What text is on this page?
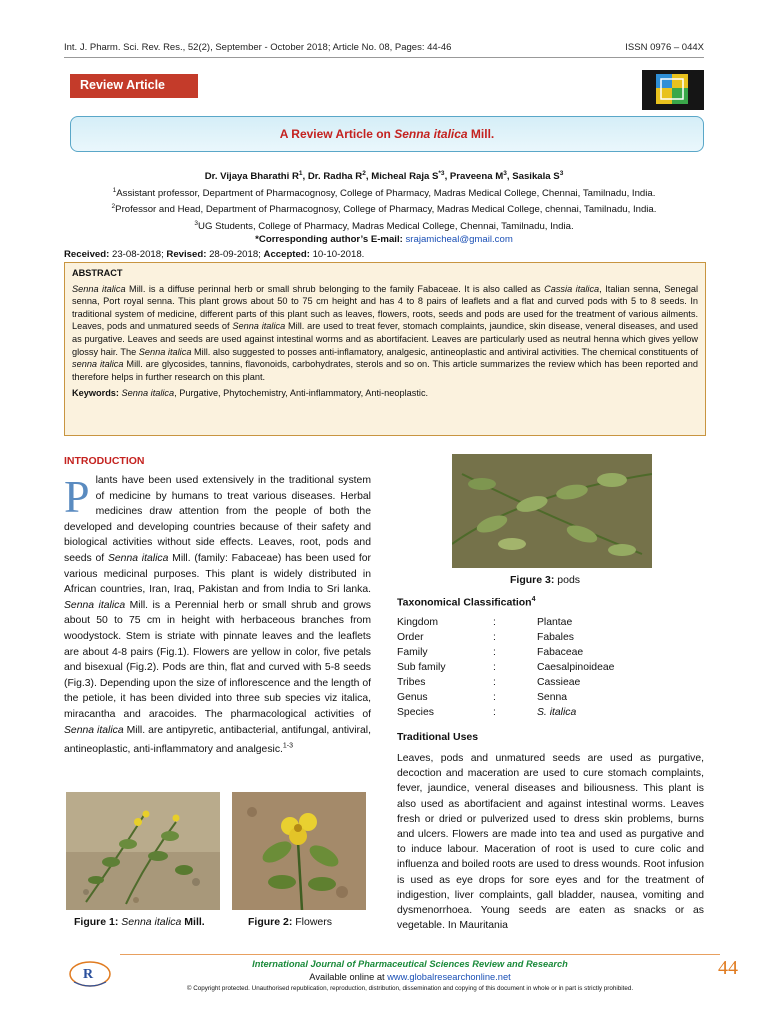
Int. J. Pharm. Sci. Rev. Res., 52(2), September - October 2018; Article No. 08, Pages: 44-46	ISSN 0976 – 044X
Review Article
A Review Article on Senna italica Mill.
Dr. Vijaya Bharathi $R^1$, Dr. Radha $R^2$, Micheal Raja $S^{*3}$, Praveena $M^3$, Sasikala $S^3$
$^1$Assistant professor, Department of Pharmacognosy, College of Pharmacy, Madras Medical College, Chennai, Tamilnadu, India.
$^2$Professor and Head, Department of Pharmacognosy, College of Pharmacy, Madras Medical College, chennai, Tamilnadu, India.
$^3$UG Students, College of Pharmacy, Madras Medical College, Chennai, Tamilnadu, India.
*Corresponding author’s E-mail: srajamicheal@gmail.com
Received: 23-08-2018; Revised: 28-09-2018; Accepted: 10-10-2018.
ABSTRACT
Senna italica Mill. is a diffuse perinnal herb or small shrub belonging to the family Fabaceae. It is also called as Cassia italica, Italian senna, Senegal senna, Port royal senna. This plant grows about 50 to 75 cm height and has 4 to 8 pairs of leaflets and a flat and curved pods with 5 to 8 seeds. In traditional system of medicine, different parts of this plant such as leaves, flowers, roots, seeds and pods are used for the treatment of various ailments. Leaves, pods and unmatured seeds of Senna italica Mill. are used to treat fever, stomach complaints, jaundice, skin disease, veneral diseases, and used as purgative. Leaves and seeds are used against intestinal worms and as abortifacient. Leaves are particularly used as neutral henna which gives yellow glossy hair. The Senna italica Mill. also suggested to posses anti-inflamatory, analgesic, antineoplastic and antiviral activities. The chemical constituents of senna italica Mill. are glycosides, tannins, flavonoids, carbohydrates, sterols and so on. This article summarizes the review which has been reported and therefore helps in further research on this plant.
Keywords: Senna italica, Purgative, Phytochemistry, Anti-inflammatory, Anti-neoplastic.
INTRODUCTION
Plants have been used extensively in the traditional system of medicine by humans to treat various diseases. Herbal medicines draw attention from the people of both the developed and developing countries because of their safety and biological activities without side effects. Leaves, root, pods and seeds of Senna italica Mill. (family: Fabaceae) has been used for various medicinal purposes. This plant is widely distributed in African countries, Iran, Iraq, Pakistan and from India to Sri lanka. Senna italica Mill. is a Perennial herb or small shrub and grows about 50 to 75 cm in height with herbaceous branches from woodystock. Stem is striate with pinnate leaves and the leaflets are about 4-8 pairs (Fig.1). Flowers are yellow in color, five petals and bisexual (Fig.2). Pods are thin, flat and curved with 5-8 seeds (Fig.3). Depending upon the size of inflorescence and the length of the petiole, it has been divided into three sub species viz italica, miracantha and aracoides. The pharmacological activities of Senna italica Mill. are antipyretic, antibacterial, antifungal, antiviral, antineoplastic, anti-inflammatory and analgesic.$^{1-3}$
Figure 1: Senna italica Mill.	Figure 2: Flowers
Figure 3: pods
Taxonomical Classification$^4$
Kingdom	:	Plantae
Order	:	Fabales
Family	:	Fabaceae
Sub family	:	Caesalpinoideae
Tribes	:	Cassieae
Genus	:	Senna
Species	:	S. italica
Traditional Uses
Leaves, pods and unmatured seeds are used as purgative, decoction and maceration are used to cure stomach complaints, fever, jaundice, veneral diseases and biliousness. This plant is also used as abortifacient and against intestinal worms. Leaves fresh or dried or pulverized used to dress skin problems, burns and ulcers. Flowers are made into tea and used as purgative and to induce labour. Maceration of root is used to cure colic and influenza and boiled roots are used to dress wounds. Root infusion is used as eye drops for sore eyes and for the treatment of indigestion, liver complaints, gall bladder, nausea, vomiting and dysmenorrhoea. Young seeds are eaten as snacks or as vegetable. In Mauritania
R
International Journal of Pharmaceutical Sciences Review and Research
Available online at www.globalresearchonline.net
© Copyright protected. Unauthorised republication, reproduction, distribution, dissemination and copying of this document in whole or in part is strictly prohibited.
44
